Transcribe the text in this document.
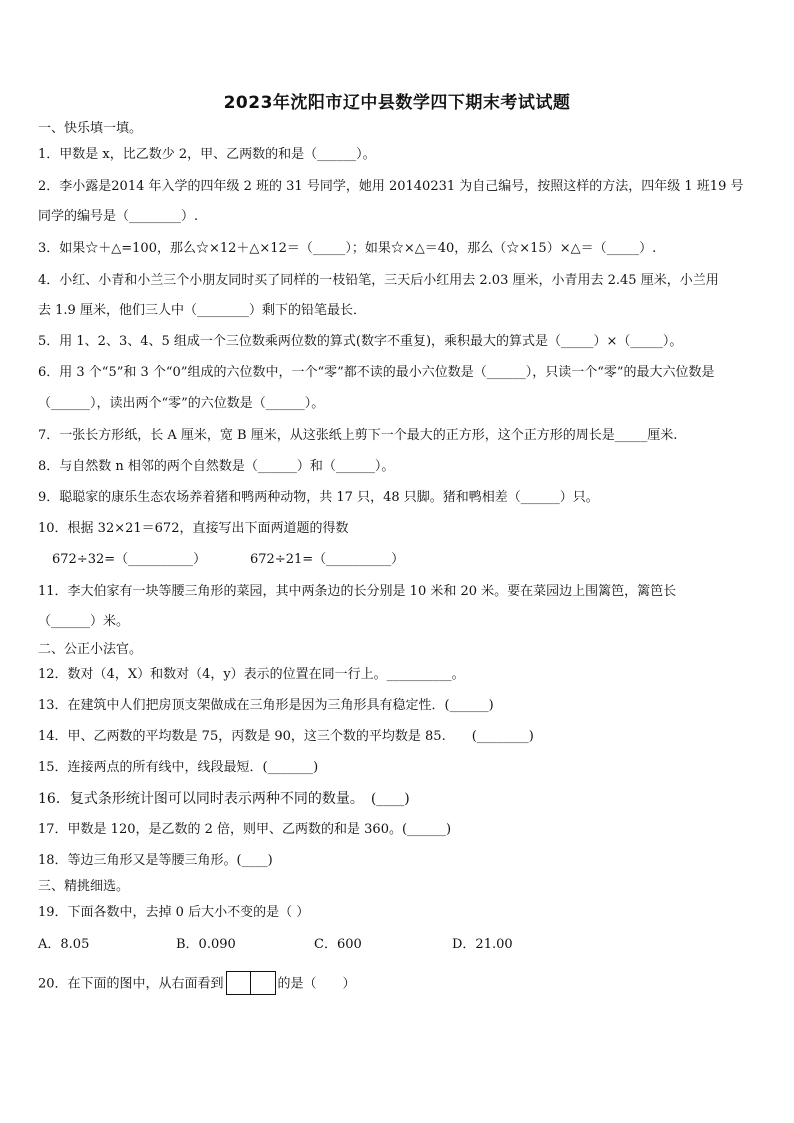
2023年沈阳市辽中县数学四下期末考试试题
一、快乐填一填。
1．甲数是 x，比乙数少 2，甲、乙两数的和是（______）。
2．李小露是2014 年入学的四年级 2 班的 31 号同学，她用 20140231 为自己编号，按照这样的方法，四年级 1 班19 号
同学的编号是（________）.
3．如果☆＋△=100，那么☆×12＋△×12＝（_____）；如果☆×△＝40，那么（☆×15）×△＝（_____）.
4．小红、小青和小兰三个小朋友同时买了同样的一枝铅笔，三天后小红用去 2.03 厘米，小青用去 2.45 厘米，小兰用
去 1.9 厘米，他们三人中（________）剩下的铅笔最长．
5．用 1、2、3、4、5 组成一个三位数乘两位数的算式(数字不重复)，乘积最大的算式是（_____）×（_____）。
6．用 3 个“5”和 3 个“0”组成的六位数中，一个“零”都不读的最小六位数是（______），只读一个“零”的最大六位数是
（______），读出两个“零”的六位数是（______）。
7．一张长方形纸，长 A 厘米，宽 B 厘米，从这张纸上剪下一个最大的正方形，这个正方形的周长是_____厘米.
8．与自然数 n 相邻的两个自然数是（______）和（______）。
9．聪聪家的康乐生态农场养着猪和鸭两种动物，共 17 只，48 只脚。猪和鸭相差（______）只。
10．根据 32×21＝672，直接写出下面两道题的得数
672÷32=（__________）	672÷21=（__________）
11．李大伯家有一块等腰三角形的菜园，其中两条边的长分别是 10 米和 20 米。要在菜园边上围篱笆，篱笆长
（______）米。
二、公正小法官。
12．数对（4，X）和数对（4，y）表示的位置在同一行上。__________。
13．在建筑中人们把房顶支架做成在三角形是因为三角形具有稳定性．(______)
14．甲、乙两数的平均数是 75，丙数是 90，这三个数的平均数是 85.　　(________)
15．连接两点的所有线中，线段最短．(_______)
16．复式条形统计图可以同时表示两种不同的数量。　(____)
17．甲数是 120，是乙数的 2 倍，则甲、乙两数的和是 360。(______)
18．等边三角形又是等腰三角形。(____)
三、精挑细选。
19．下面各数中，去掉 0 后大小不变的是（ ）
A．8.05	B．0.090	C．600	D．21.00
20．在下面的图中，从右面看到	的是（　　）
